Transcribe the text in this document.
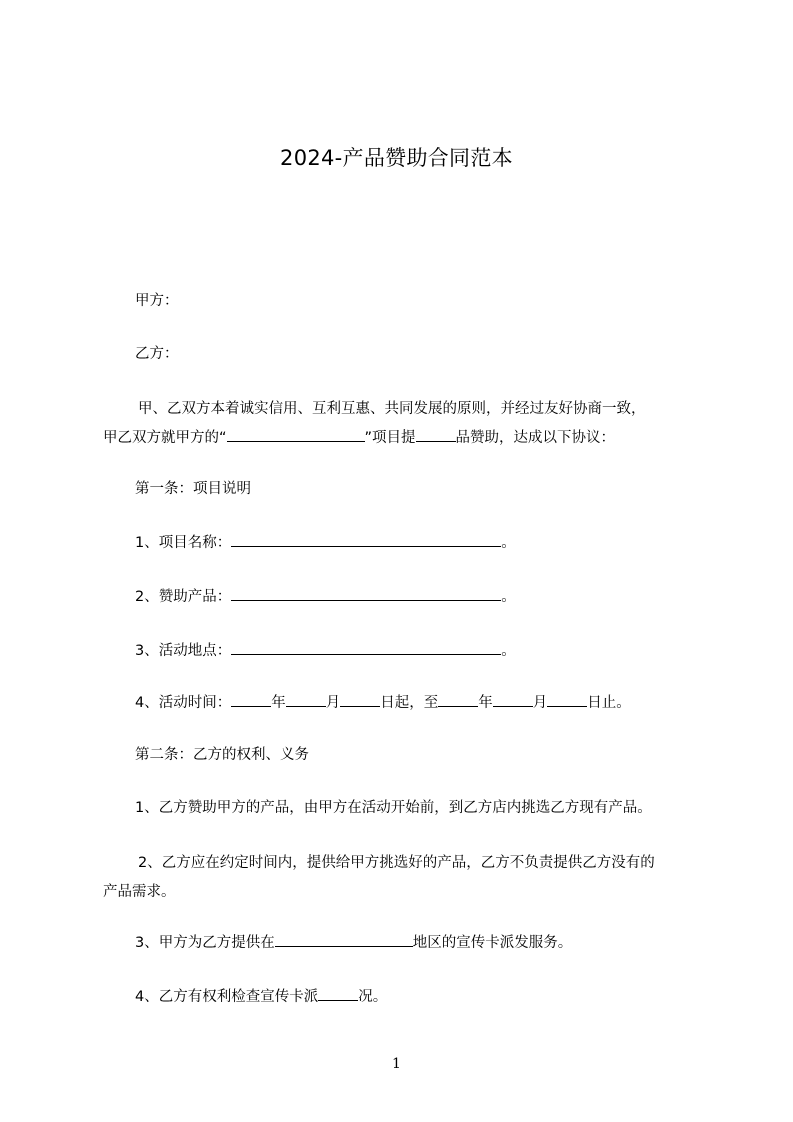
2024-产品赞助合同范本
甲方：
乙方：
甲、乙双方本着诚实信用、互利互惠、共同发展的原则，并经过友好协商一致，
甲乙双方就甲方的“	”项目提	品赞助，达成以下协议：
第一条：项目说明
1、项目名称：	。
2、赞助产品：	。
3、活动地点：	。
4、活动时间：	年	月	日起，至	年	月	日止。
第二条：乙方的权利、义务
1、乙方赞助甲方的产品，由甲方在活动开始前，到乙方店内挑选乙方现有产品。
2、乙方应在约定时间内，提供给甲方挑选好的产品，乙方不负责提供乙方没有的
产品需求。
3、甲方为乙方提供在	地区的宣传卡派发服务。
4、乙方有权利检查宣传卡派	况。
1
